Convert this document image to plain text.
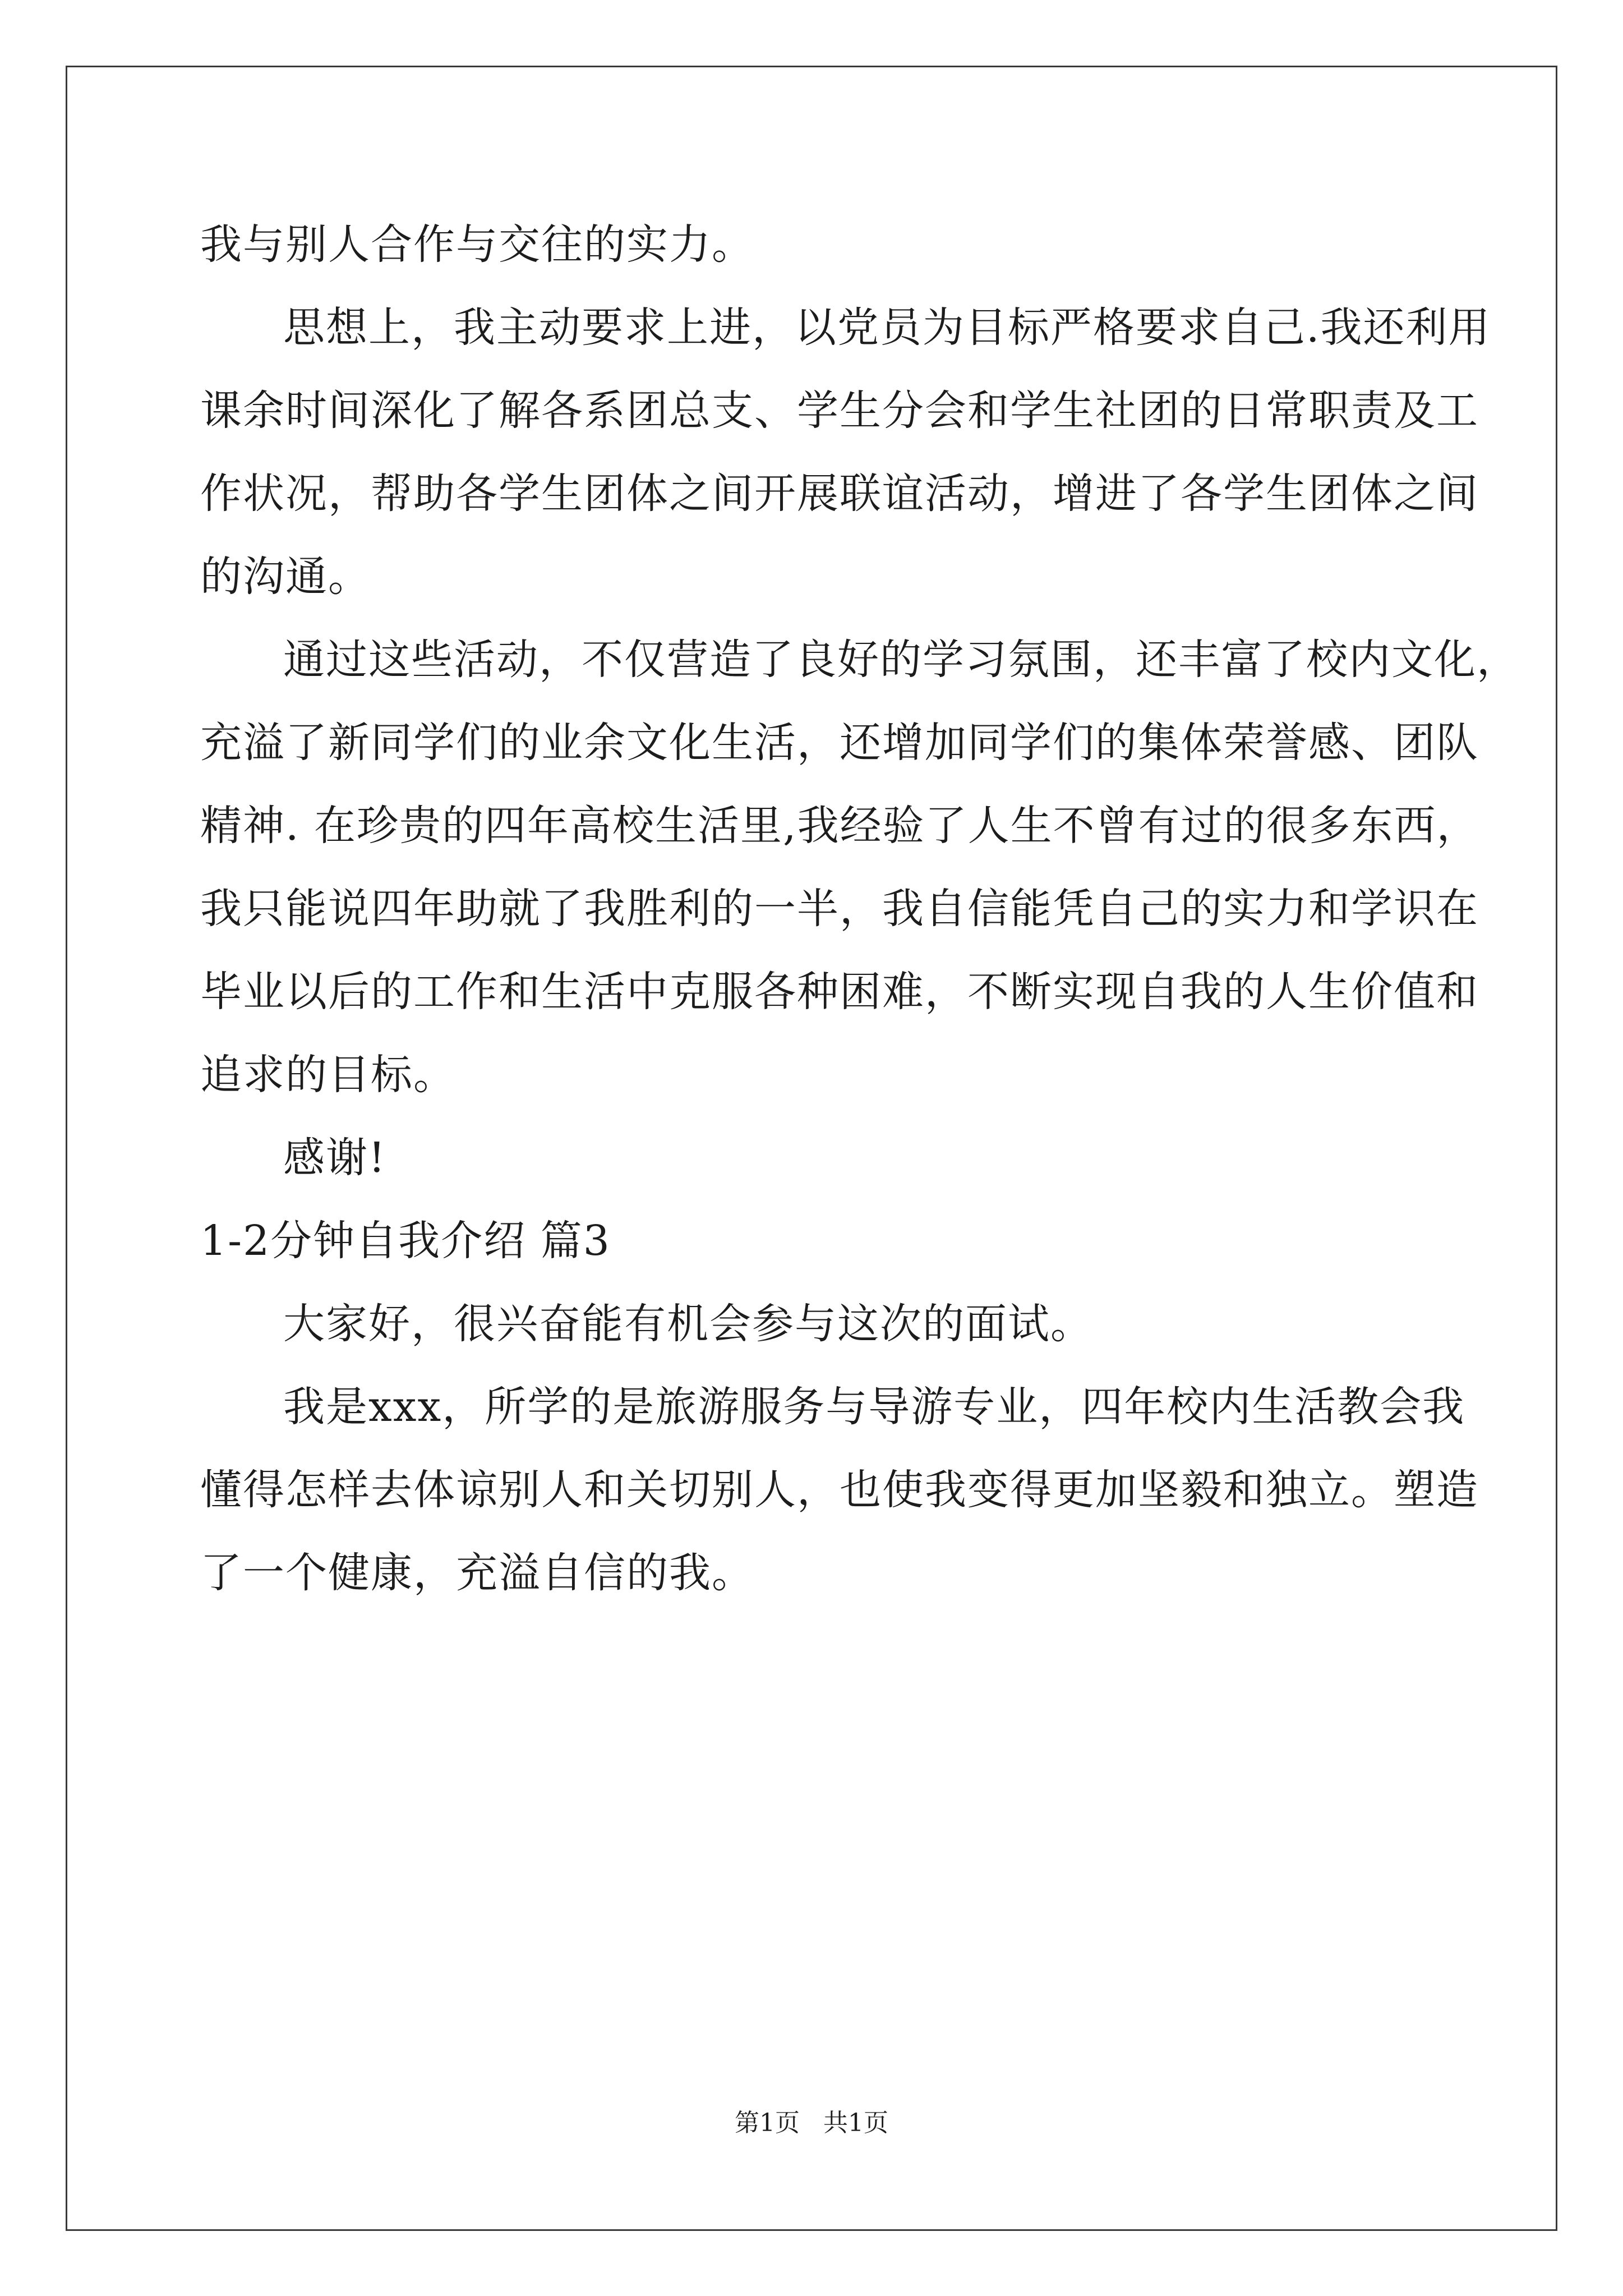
我与别人合作与交往的实力。
思想上，我主动要求上进，以党员为目标严格要求自己.我还利用
课余时间深化了解各系团总支、学生分会和学生社团的日常职责及工
作状况，帮助各学生团体之间开展联谊活动，增进了各学生团体之间
的沟通。
通过这些活动，不仅营造了良好的学习氛围，还丰富了校内文化，
充溢了新同学们的业余文化生活，还增加同学们的集体荣誉感、团队
精神. 在珍贵的四年高校生活里,我经验了人生不曾有过的很多东西，
我只能说四年助就了我胜利的一半，我自信能凭自己的实力和学识在
毕业以后的工作和生活中克服各种困难，不断实现自我的人生价值和
追求的目标。
感谢!
1-2分钟自我介绍 篇3
大家好，很兴奋能有机会参与这次的面试。
我是xxx，所学的是旅游服务与导游专业，四年校内生活教会我
懂得怎样去体谅别人和关切别人，也使我变得更加坚毅和独立。塑造
了一个健康，充溢自信的我。
第1页   共1页
